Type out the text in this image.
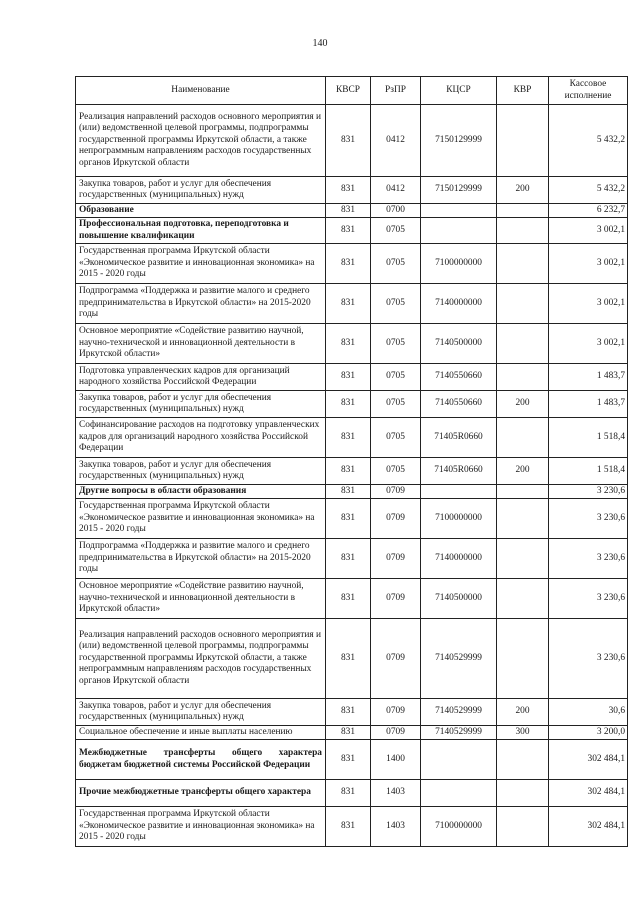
140
Наименование	КВСР	РзПР	КЦСР	КВР	Кассовое исполнение
Реализация направлений расходов основного мероприятия и (или) ведомственной целевой программы, подпрограммы государственной программы Иркутской области, а также непрограммным направлениям расходов государственных органов Иркутской области	831	0412	7150129999		5 432,2
Закупка товаров, работ и услуг для обеспечения государственных (муниципальных) нужд	831	0412	7150129999	200	5 432,2
Образование	831	0700			6 232,7
Профессиональная подготовка, переподготовка и повышение квалификации	831	0705			3 002,1
Государственная программа Иркутской области «Экономическое развитие и инновационная экономика» на 2015 - 2020 годы	831	0705	7100000000		3 002,1
Подпрограмма «Поддержка и развитие малого и среднего предпринимательства в Иркутской области» на 2015-2020 годы	831	0705	7140000000		3 002,1
Основное мероприятие «Содействие развитию научной, научно-технической и инновационной деятельности в Иркутской области»	831	0705	7140500000		3 002,1
Подготовка управленческих кадров для организаций народного хозяйства Российской Федерации	831	0705	7140550660		1 483,7
Закупка товаров, работ и услуг для обеспечения государственных (муниципальных) нужд	831	0705	7140550660	200	1 483,7
Софинансирование расходов на подготовку управленческих кадров для организаций народного хозяйства Российской Федерации	831	0705	71405R0660		1 518,4
Закупка товаров, работ и услуг для обеспечения государственных (муниципальных) нужд	831	0705	71405R0660	200	1 518,4
Другие вопросы в области образования	831	0709			3 230,6
Государственная программа Иркутской области «Экономическое развитие и инновационная экономика» на 2015 - 2020 годы	831	0709	7100000000		3 230,6
Подпрограмма «Поддержка и развитие малого и среднего предпринимательства в Иркутской области» на 2015-2020 годы	831	0709	7140000000		3 230,6
Основное мероприятие «Содействие развитию научной, научно-технической и инновационной деятельности в Иркутской области»	831	0709	7140500000		3 230,6
Реализация направлений расходов основного мероприятия и (или) ведомственной целевой программы, подпрограммы государственной программы Иркутской области, а также непрограммным направлениям расходов государственных органов Иркутской области	831	0709	7140529999		3 230,6
Закупка товаров, работ и услуг для обеспечения государственных (муниципальных) нужд	831	0709	7140529999	200	30,6
Социальное обеспечение и иные выплаты населению	831	0709	7140529999	300	3 200,0
Межбюджетные трансферты общего характера бюджетам бюджетной системы Российской Федерации	831	1400			302 484,1
Прочие межбюджетные трансферты общего характера	831	1403			302 484,1
Государственная программа Иркутской области «Экономическое развитие и инновационная экономика» на 2015 - 2020 годы	831	1403	7100000000		302 484,1
